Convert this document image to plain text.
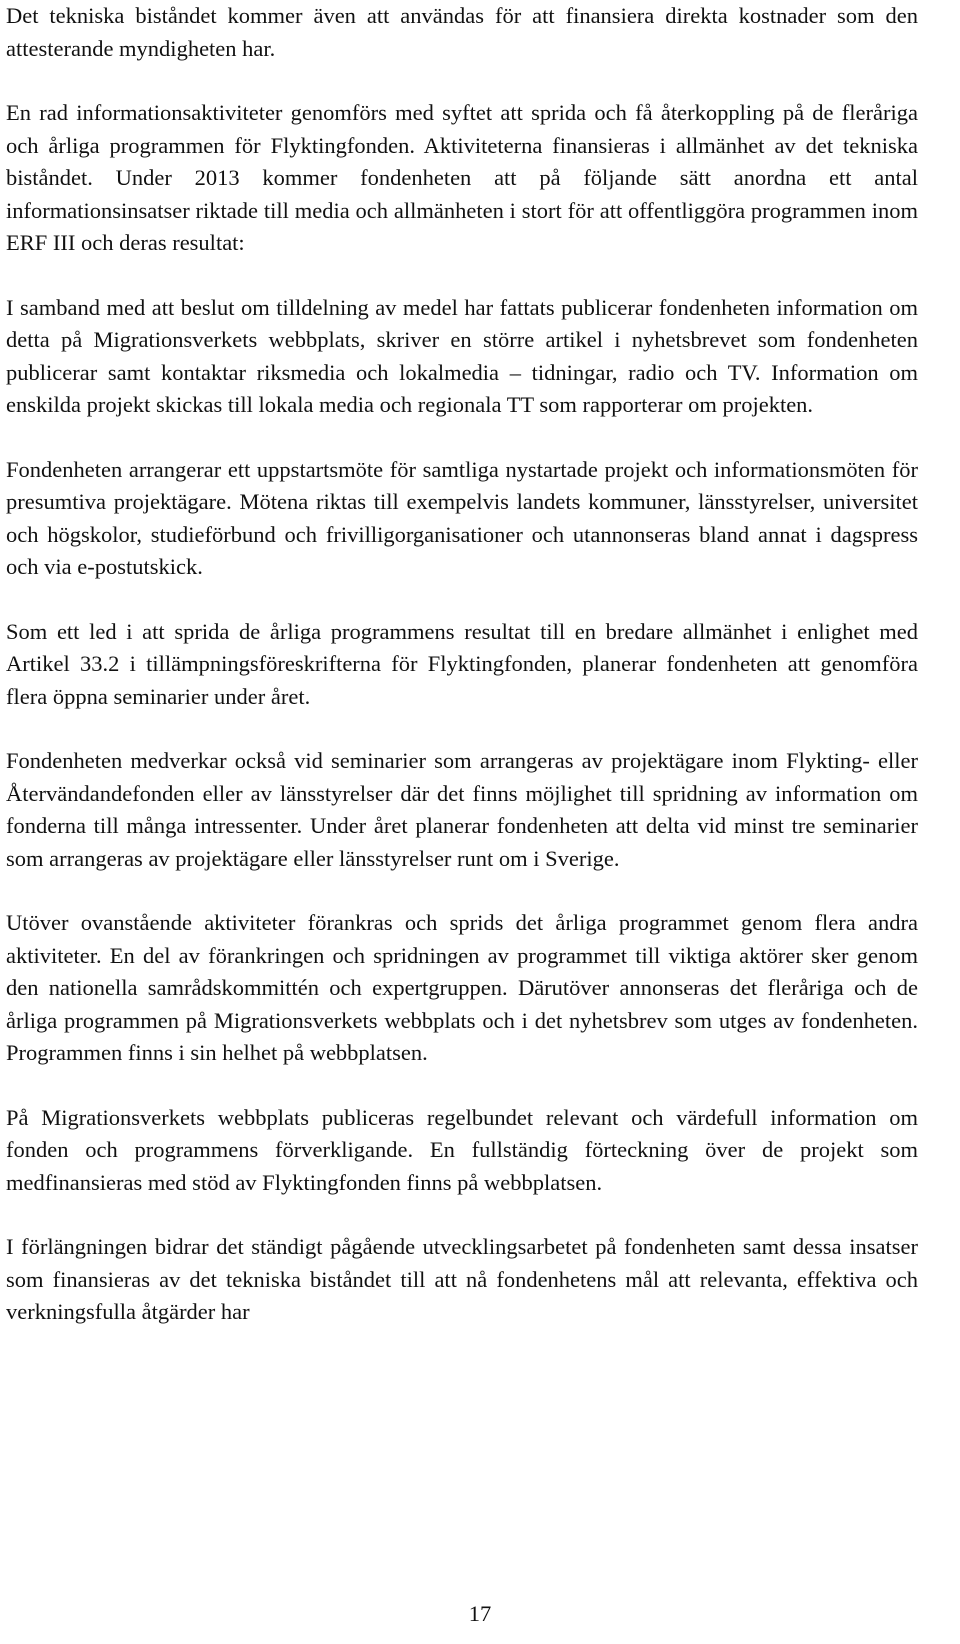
Det tekniska biståndet kommer även att användas för att finansiera direkta kostnader som den attesterande myndigheten har.

En rad informationsaktiviteter genomförs med syftet att sprida och få återkoppling på de fleråriga och årliga programmen för Flyktingfonden. Aktiviteterna finansieras i allmänhet av det tekniska biståndet. Under 2013 kommer fondenheten att på följande sätt anordna ett antal informationsinsatser riktade till media och allmänheten i stort för att offentliggöra programmen inom ERF III och deras resultat:

I samband med att beslut om tilldelning av medel har fattats publicerar fondenheten information om detta på Migrationsverkets webbplats, skriver en större artikel i nyhetsbrevet som fondenheten publicerar samt kontaktar riksmedia och lokalmedia – tidningar, radio och TV. Information om enskilda projekt skickas till lokala media och regionala TT som rapporterar om projekten.

Fondenheten arrangerar ett uppstartsmöte för samtliga nystartade projekt och informationsmöten för presumtiva projektägare. Mötena riktas till exempelvis landets kommuner, länsstyrelser, universitet och högskolor, studieförbund och frivilligorganisationer och utannonseras bland annat i dagspress och via e-postutskick.

Som ett led i att sprida de årliga programmens resultat till en bredare allmänhet i enlighet med Artikel 33.2 i tillämpningsföreskrifterna för Flyktingfonden, planerar fondenheten att genomföra flera öppna seminarier under året.

Fondenheten medverkar också vid seminarier som arrangeras av projektägare inom Flykting- eller Återvändandefonden eller av länsstyrelser där det finns möjlighet till spridning av information om fonderna till många intressenter. Under året planerar fondenheten att delta vid minst tre seminarier som arrangeras av projektägare eller länsstyrelser runt om i Sverige.

Utöver ovanstående aktiviteter förankras och sprids det årliga programmet genom flera andra aktiviteter. En del av förankringen och spridningen av programmet till viktiga aktörer sker genom den nationella samrådskommittén och expertgruppen. Därutöver annonseras det fleråriga och de årliga programmen på Migrationsverkets webbplats och i det nyhetsbrev som utges av fondenheten. Programmen finns i sin helhet på webbplatsen.

På Migrationsverkets webbplats publiceras regelbundet relevant och värdefull information om fonden och programmens förverkligande. En fullständig förteckning över de projekt som medfinansieras med stöd av Flyktingfonden finns på webbplatsen.

I förlängningen bidrar det ständigt pågående utvecklingsarbetet på fondenheten samt dessa insatser som finansieras av det tekniska biståndet till att nå fondenhetens mål att relevanta, effektiva och verkningsfulla åtgärder har

17
